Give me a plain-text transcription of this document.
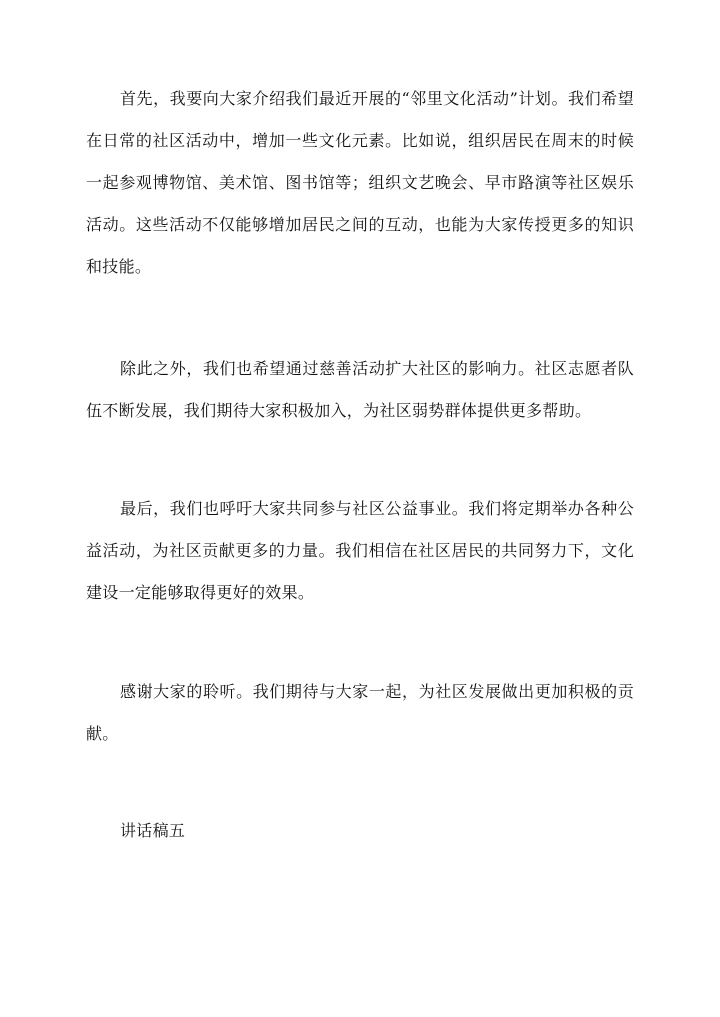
首先，我要向大家介绍我们最近开展的“邻里文化活动”计划。我们希望在日常的社区活动中，增加一些文化元素。比如说，组织居民在周末的时候一起参观博物馆、美术馆、图书馆等；组织文艺晚会、早市路演等社区娱乐活动。这些活动不仅能够增加居民之间的互动，也能为大家传授更多的知识和技能。

除此之外，我们也希望通过慈善活动扩大社区的影响力。社区志愿者队伍不断发展，我们期待大家积极加入，为社区弱势群体提供更多帮助。

最后，我们也呼吁大家共同参与社区公益事业。我们将定期举办各种公益活动，为社区贡献更多的力量。我们相信在社区居民的共同努力下，文化建设一定能够取得更好的效果。

感谢大家的聆听。我们期待与大家一起，为社区发展做出更加积极的贡献。

讲话稿五
